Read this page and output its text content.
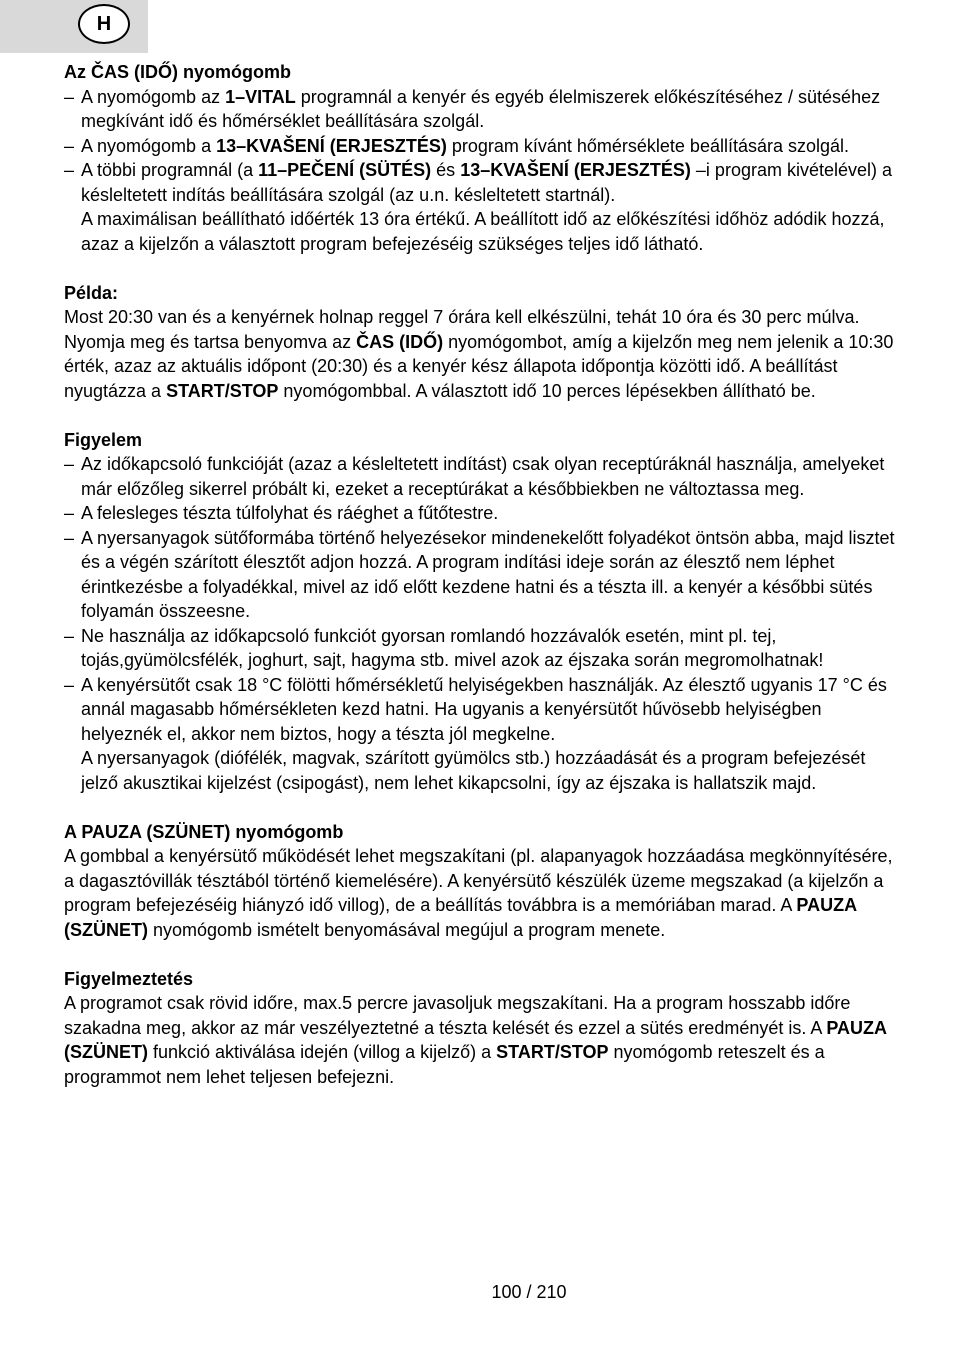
H

Az ČAS (IDŐ) nyomógomb

– A nyomógomb az 1–VITAL programnál a kenyér és egyéb élelmiszerek előkészítéséhez / sütéséhez megkívánt idő és hőmérséklet beállítására szolgál.
– A nyomógomb a 13–KVAŠENÍ (ERJESZTÉS) program kívánt hőmérséklete beállítására szolgál.
– A többi programnál (a 11–PEČENÍ (SÜTÉS) és 13–KVAŠENÍ (ERJESZTÉS) –i program kivételével) a késleltetett indítás beállítására szolgál (az u.n. késleltetett startnál).

A maximálisan beállítható időérték 13 óra értékű. A beállított idő az előkészítési időhöz adódik hozzá, azaz a kijelzőn a választott program befejezéséig szükséges teljes idő látható.

Példa:

Most 20:30 van és a kenyérnek holnap reggel 7 órára kell elkészülni, tehát 10 óra és 30 perc múlva. Nyomja meg és tartsa benyomva az ČAS (IDŐ) nyomógombot, amíg a kijelzőn meg nem jelenik a 10:30 érték, azaz az aktuális időpont (20:30) és a kenyér kész állapota időpontja közötti idő. A beállítást nyugtázza a START/STOP nyomógombbal. A választott idő 10 perces lépésekben állítható be.

Figyelem

– Az időkapcsoló funkcióját (azaz a késleltetett indítást) csak olyan receptúráknál használja, amelyeket már előzőleg sikerrel próbált ki, ezeket a receptúrákat a későbbiekben ne változtassa meg.
– A felesleges tészta túlfolyhat és ráéghet a fűtőtestre.
– A nyersanyagok sütőformába történő helyezésekor mindenekelőtt folyadékot öntsön abba, majd lisztet és a végén szárított élesztőt adjon hozzá. A program indítási ideje során az élesztő nem léphet érintkezésbe a folyadékkal, mivel az idő előtt kezdene hatni és a tészta ill. a kenyér a későbbi sütés folyamán összeesne.
– Ne használja az időkapcsoló funkciót gyorsan romlandó hozzávalók esetén, mint pl. tej, tojás,gyümölcsfélék, joghurt, sajt, hagyma stb. mivel azok az éjszaka során megromolhatnak!
– A kenyérsütőt csak 18 °C fölötti hőmérsékletű helyiségekben használják. Az élesztő ugyanis 17 °C és annál magasabb hőmérsékleten kezd hatni. Ha ugyanis a kenyérsütőt hűvösebb helyiségben helyeznék el, akkor nem biztos, hogy a tészta jól megkelne.

A nyersanyagok (diófélék, magvak, szárított gyümölcs stb.) hozzáadását és a program befejezését jelző akusztikai kijelzést (csipogást), nem lehet kikapcsolni, így az éjszaka is hallatszik majd.

A PAUZA (SZÜNET) nyomógomb

A gombbal a kenyérsütő működését lehet megszakítani (pl. alapanyagok hozzáadása megkönnyítésére, a dagasztóvillák tésztából történő kiemelésére). A kenyérsütő készülék üzeme megszakad (a kijelzőn a program befejezéséig hiányzó idő villog), de a beállítás továbbra is a memóriában marad. A PAUZA (SZÜNET) nyomógomb ismételt benyomásával megújul a program menete.

Figyelmeztetés

A programot csak rövid időre, max.5 percre javasoljuk megszakítani. Ha a program hosszabb időre szakadna meg, akkor az már veszélyeztetné a tészta kelését és ezzel a sütés eredményét is. A PAUZA (SZÜNET) funkció aktiválása idején (villog a kijelző) a START/STOP nyomógomb reteszelt és a programmot nem lehet teljesen befejezni.

100 / 210
